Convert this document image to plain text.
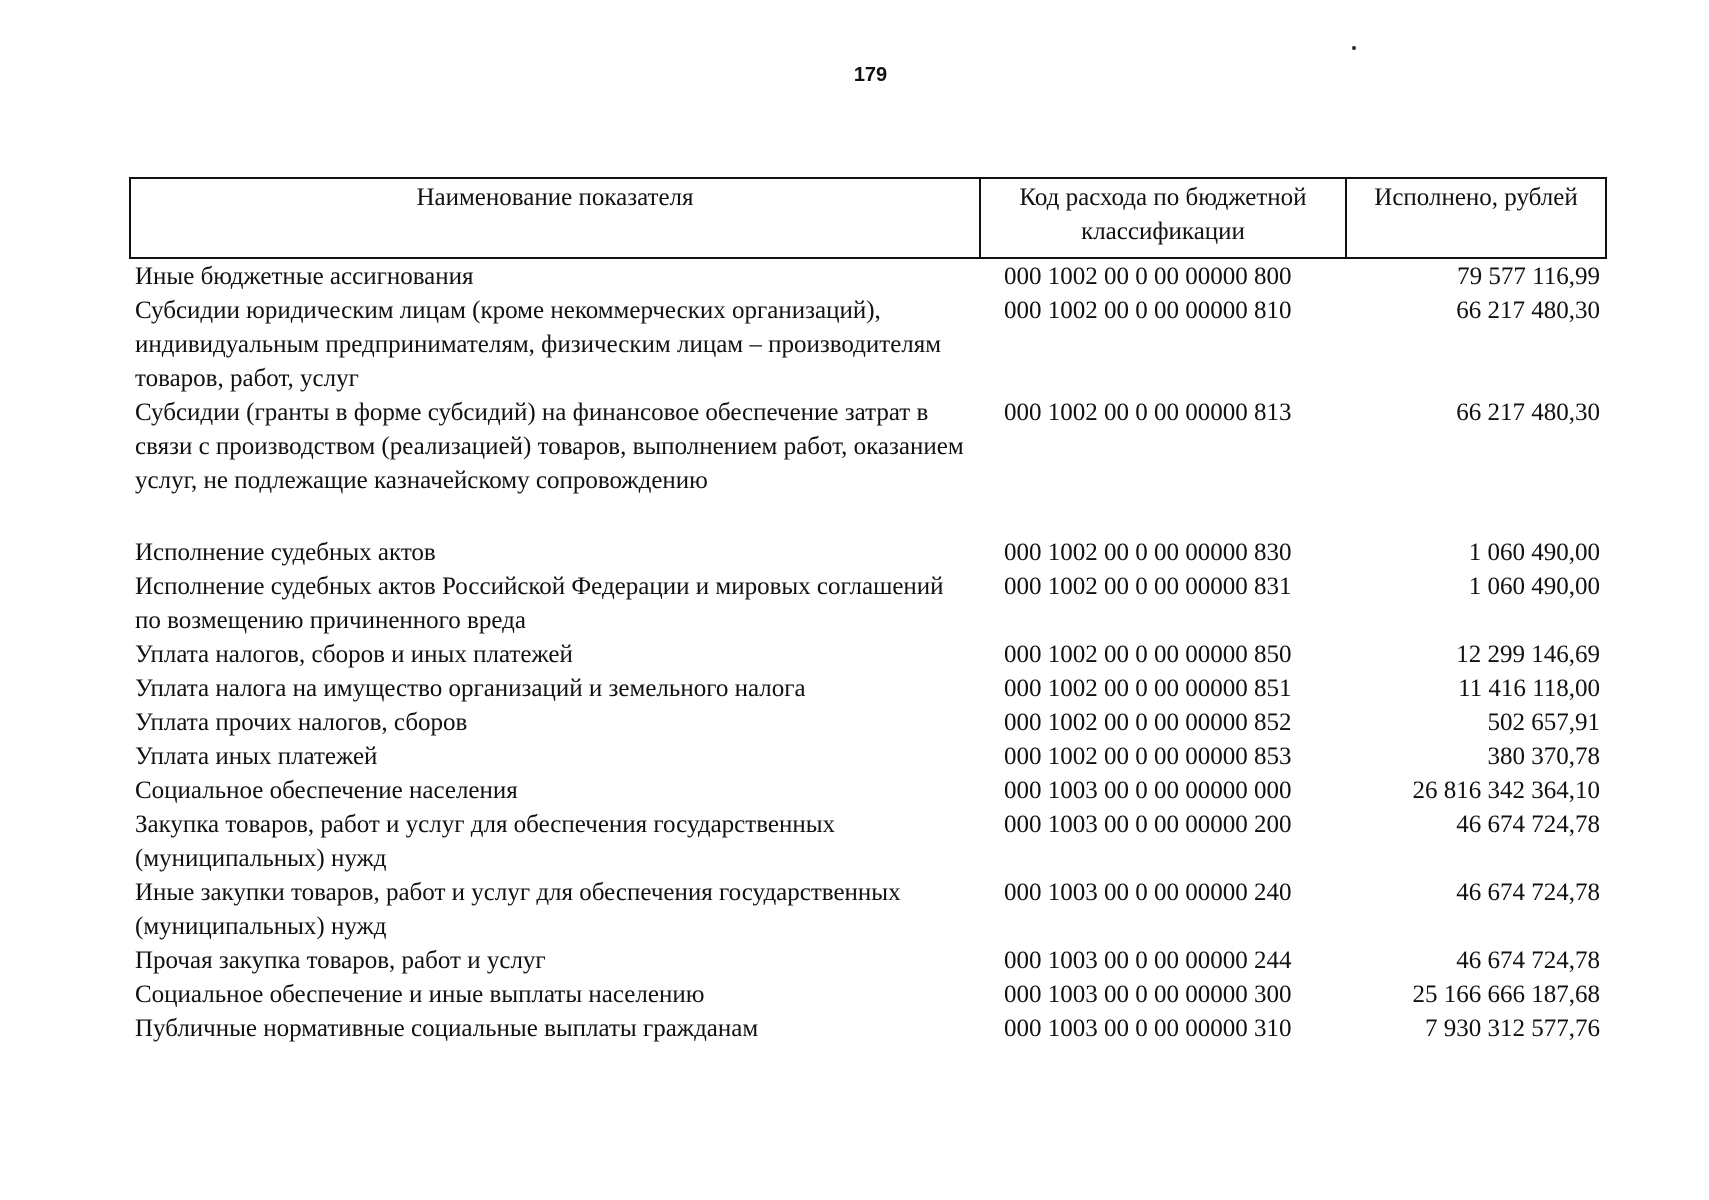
179
Наименование показателя	Код расхода по бюджетной классификации	Исполнено, рублей
Иные бюджетные ассигнования	000 1002 00 0 00 00000 800	79 577 116,99
Субсидии юридическим лицам (кроме некоммерческих организаций), индивидуальным предпринимателям, физическим лицам – производителям товаров, работ, услуг	000 1002 00 0 00 00000 810	66 217 480,30
Субсидии (гранты в форме субсидий) на финансовое обеспечение затрат в связи с производством (реализацией) товаров, выполнением работ, оказанием услуг, не подлежащие казначейскому сопровождению	000 1002 00 0 00 00000 813	66 217 480,30
Исполнение судебных актов	000 1002 00 0 00 00000 830	1 060 490,00
Исполнение судебных актов Российской Федерации и мировых соглашений по возмещению причиненного вреда	000 1002 00 0 00 00000 831	1 060 490,00
Уплата налогов, сборов и иных платежей	000 1002 00 0 00 00000 850	12 299 146,69
Уплата налога на имущество организаций и земельного налога	000 1002 00 0 00 00000 851	11 416 118,00
Уплата прочих налогов, сборов	000 1002 00 0 00 00000 852	502 657,91
Уплата иных платежей	000 1002 00 0 00 00000 853	380 370,78
Социальное обеспечение населения	000 1003 00 0 00 00000 000	26 816 342 364,10
Закупка товаров, работ и услуг для обеспечения государственных (муниципальных) нужд	000 1003 00 0 00 00000 200	46 674 724,78
Иные закупки товаров, работ и услуг для обеспечения государственных (муниципальных) нужд	000 1003 00 0 00 00000 240	46 674 724,78
Прочая закупка товаров, работ и услуг	000 1003 00 0 00 00000 244	46 674 724,78
Социальное обеспечение и иные выплаты населению	000 1003 00 0 00 00000 300	25 166 666 187,68
Публичные нормативные социальные выплаты гражданам	000 1003 00 0 00 00000 310	7 930 312 577,76
